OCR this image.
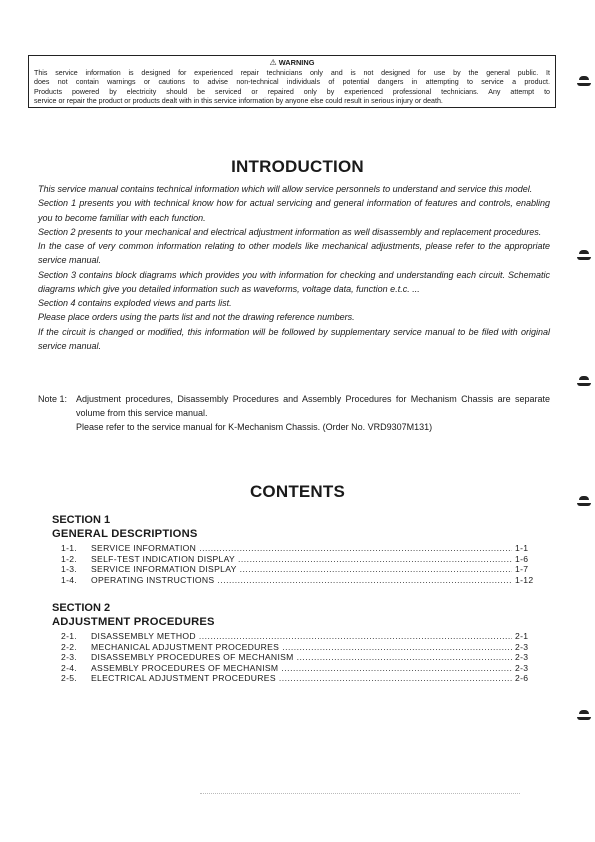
⚠ WARNING
This service information is designed for experienced repair technicians only and is not designed for use by the general public. It
does not contain warnings or cautions to advise non-technical individuals of potential dangers in attempting to service a product.
Products powered by electricity should be serviced or repaired only by experienced professional technicians. Any attempt to
service or repair the product or products dealt with in this service information by anyone else could result in serious injury or death.
INTRODUCTION

This service manual contains technical information which will allow service personnels to understand and service this model.

Section 1 presents you with technical know how for actual servicing and general information of features and controls, enabling you to become familiar with each function.

Section 2 presents to your mechanical and electrical adjustment information as well disassembly and replacement procedures.

In the case of very common information relating to other models like mechanical adjustments, please refer to the appropriate service manual.

Section 3 contains block diagrams which provides you with information for checking and understanding each circuit. Schematic diagrams which give you detailed information such as waveforms, voltage data, function e.t.c. ...

Section 4 contains exploded views and parts list.

Please place orders using the parts list and not the drawing reference numbers.

If the circuit is changed or modified, this information will be followed by supplementary service manual to be filed with original service manual.

Note 1: Adjustment procedures, Disassembly Procedures and Assembly Procedures for Mechanism Chassis are separate volume from this service manual.
Please refer to the service manual for K-Mechanism Chassis. (Order No. VRD9307M131)
CONTENTS
SECTION 1
GENERAL DESCRIPTIONS
1-1.	SERVICE INFORMATION .....	1-1
1-2.	SELF-TEST INDICATION DISPLAY .....	1-6
1-3.	SERVICE INFORMATION DISPLAY .....	1-7
1-4.	OPERATING INSTRUCTIONS .....	1-12
SECTION 2
ADJUSTMENT PROCEDURES
2-1.	DISASSEMBLY METHOD .....	2-1
2-2.	MECHANICAL ADJUSTMENT PROCEDURES .....	2-3
2-3.	DISASSEMBLY PROCEDURES OF MECHANISM .....	2-3
2-4.	ASSEMBLY PROCEDURES OF MECHANISM .....	2-3
2-5.	ELECTRICAL ADJUSTMENT PROCEDURES .....	2-6
